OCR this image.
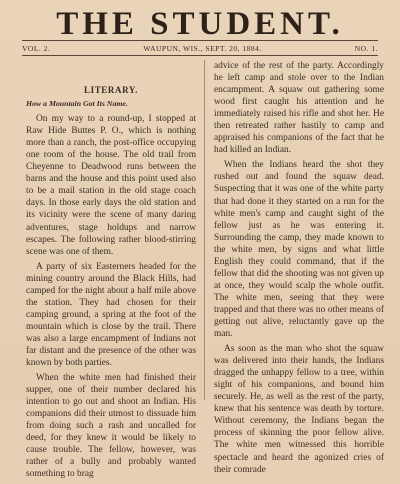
THE STUDENT.
VOL. 2.	WAUPUN, WIS., SEPT. 20, 1884.	NO. 1.
LITERARY.
How a Mountain Got Its Name.

On my way to a round-up, I stopped at Raw Hide Buttes P. O., which is nothing more than a ranch, the post-office occupying one room of the house. The old trail from Cheyenne to Deadwood runs between the barns and the house and this point used also to be a mail station in the old stage coach days. In those early days the old station and its vicinity were the scene of many daring adventures, stage holdups and narrow escapes. The following rather blood-stirring scene was one of them.

A party of six Easterners headed for the mining country around the Black Hills, had camped for the night about a half mile above the station. They had chosen for their camping ground, a spring at the foot of the mountain which is close by the trail. There was also a large encampment of Indians not far distant and the presence of the other was known by both parties.

When the white men had finished their supper, one of their number declared his intention to go out and shoot an Indian. His companions did their utmost to dissuade him from doing such a rash and uncalled for deed, for they knew it would be likely to cause trouble. The fellow, however, was rather of a bully and probably wanted something to brag

advice of the rest of the party. Accordingly he left camp and stole over to the Indian encampment. A squaw out gathering some wood first caught his attention and he immediately raised his rifle and shot her. He then retreated rather hastily to camp and appraised his companions of the fact that he had killed an Indian.

When the Indians heard the shot they rushed out and found the squaw dead. Suspecting that it was one of the white party that had done it they started on a run for the white men's camp and caught sight of the fellow just as he was entering it. Surrounding the camp, they made known to the white men, by signs and what little English they could command, that if the fellow that did the shooting was not given up at once, they would scalp the whole outfit. The white men, seeing that they were trapped and that there was no other means of getting out alive, reluctantly gave up the man.

As soon as the man who shot the squaw was delivered into their hands, the Indians dragged the unhappy fellow to a tree, within sight of his companions, and bound him securely. He, as well as the rest of the party, knew that his sentence was death by torture. Without ceremony, the Indians began the process of skinning the poor fellow alive. The white men witnessed this horrible spectacle and heard the agonized cries of their comrade
